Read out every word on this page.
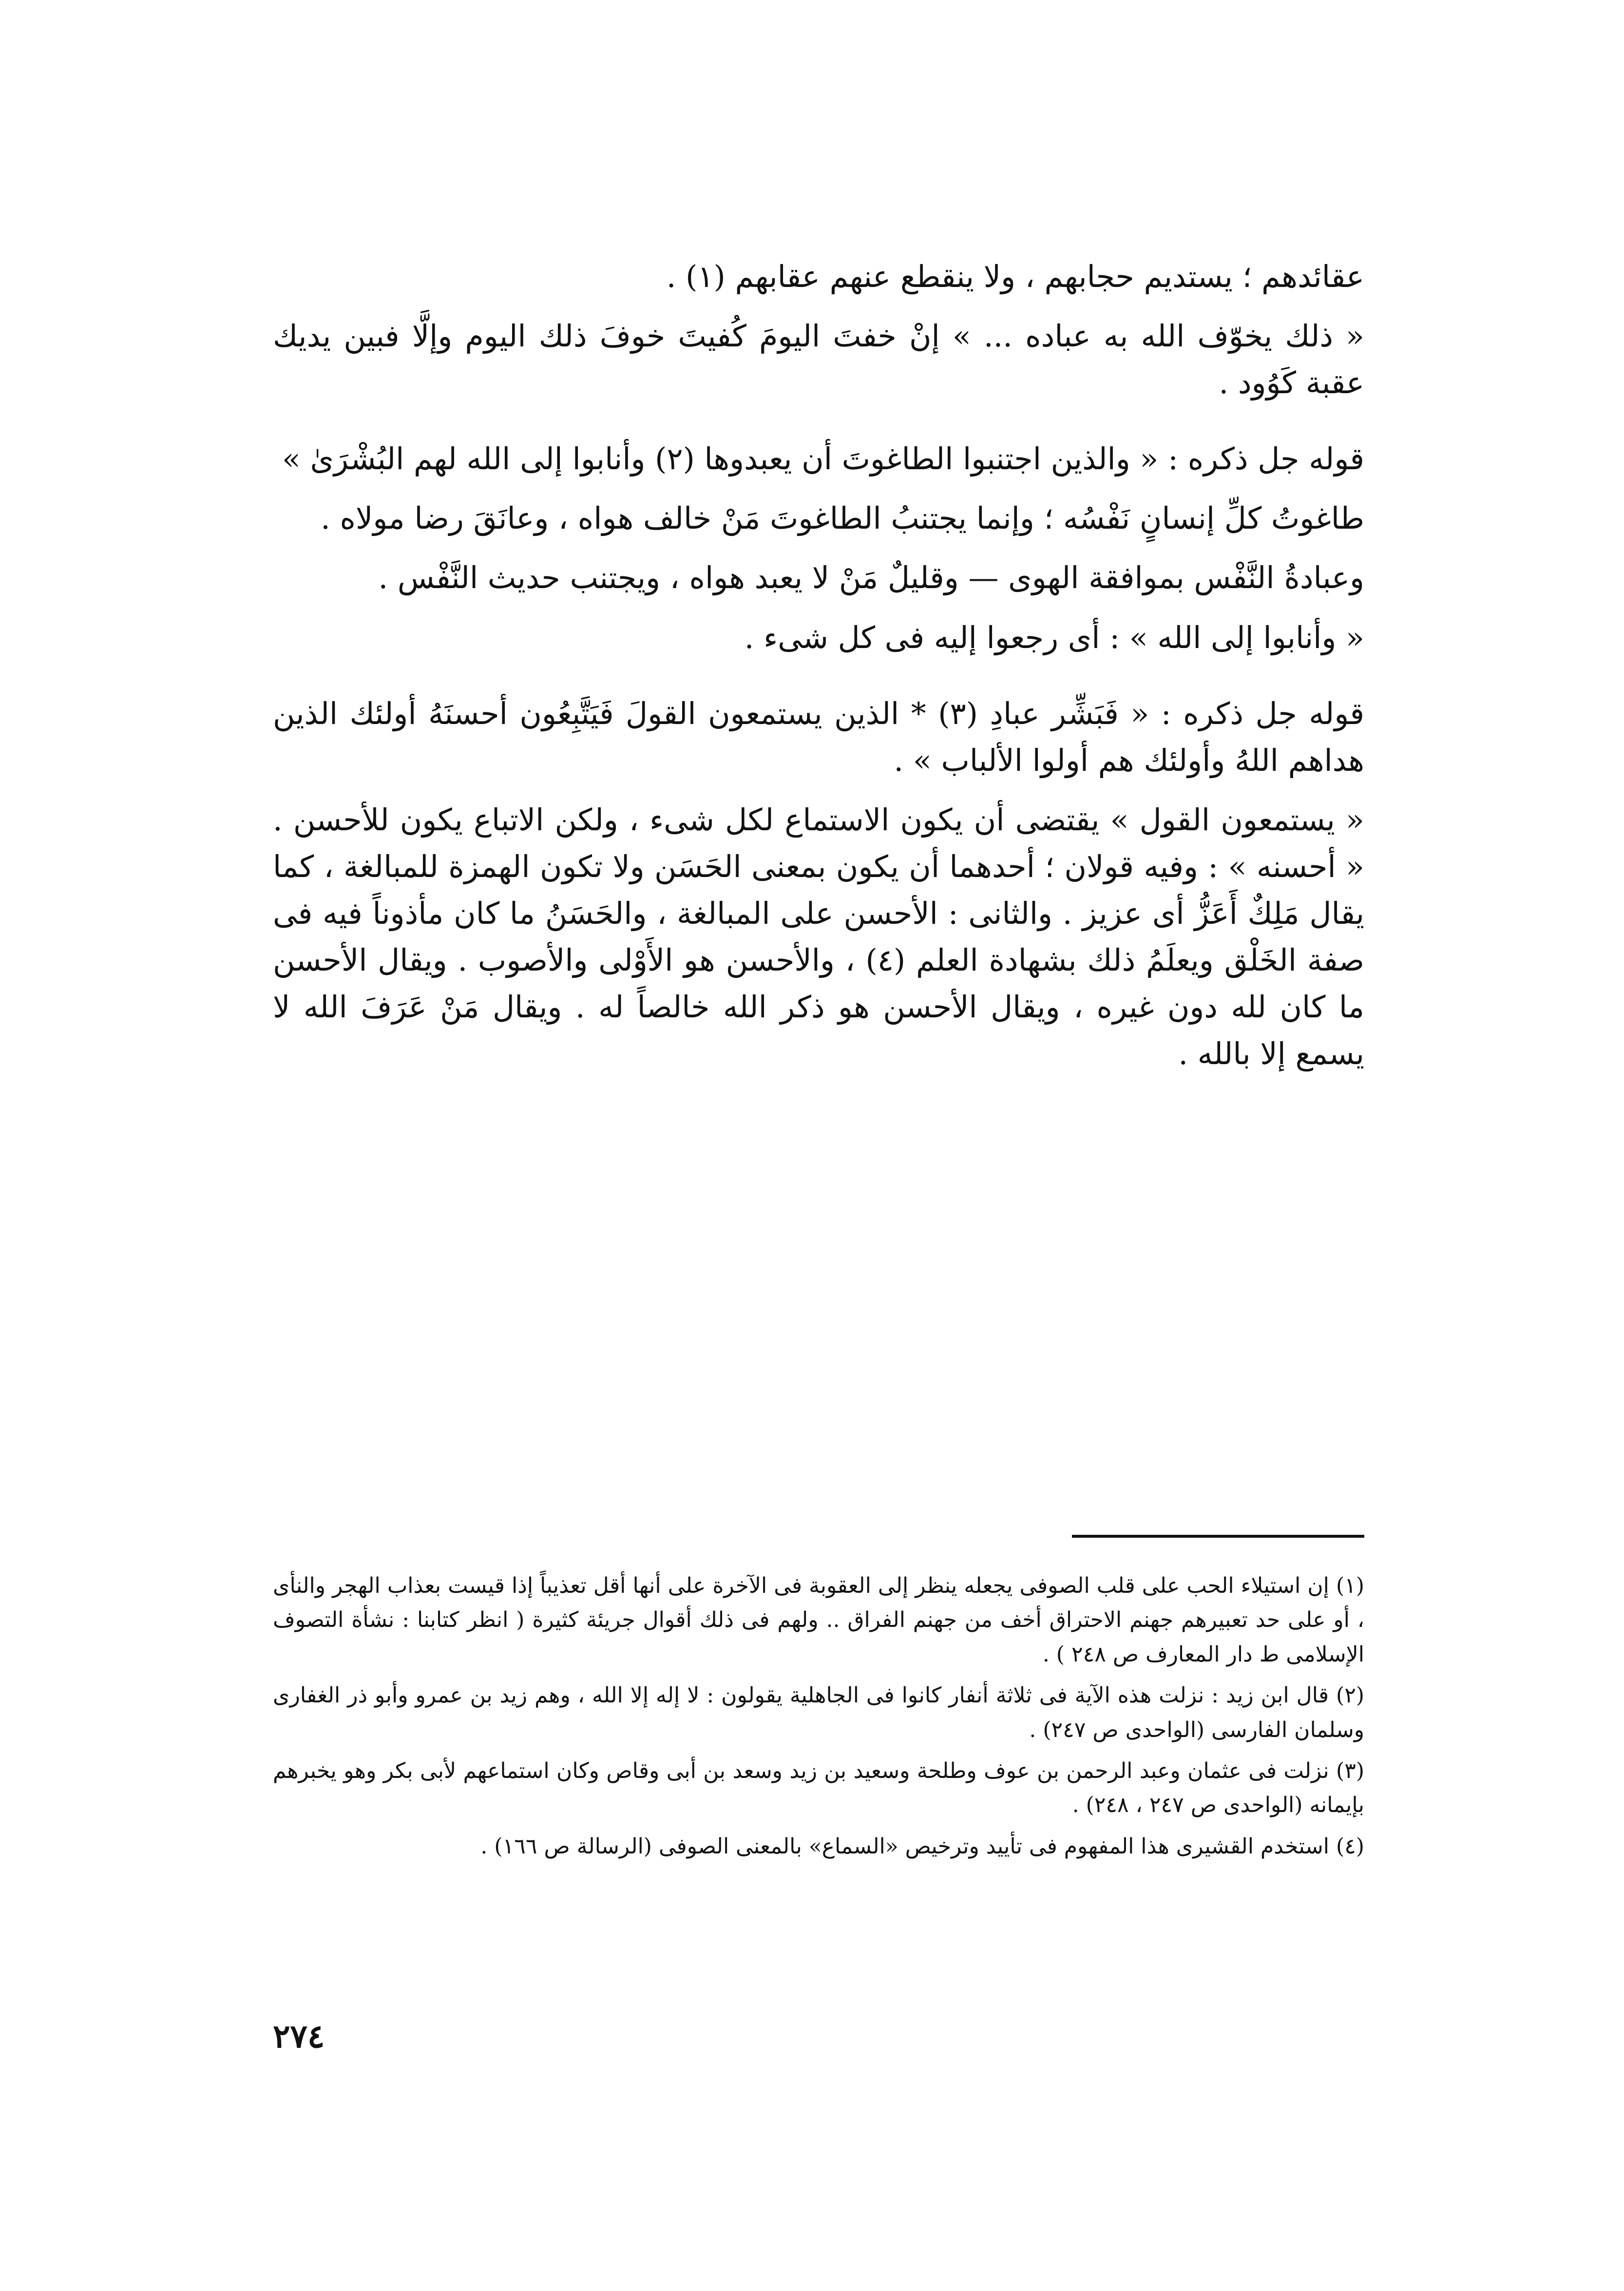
عقائدهم ؛ يستديم حجابهم ، ولا ينقطع عنهم عقابهم (١) .

« ذلك يخوّف الله به عباده ... » إنْ خفتَ اليومَ كُفيتَ خوفَ ذلك اليوم وإلَّا فبين يديك عقبة كَوُود .

قوله جل ذكره : « والذين اجتنبوا الطاغوتَ أن يعبدوها (٢) وأنابوا إلى الله لهم البُشْرَىٰ »

طاغوتُ كلِّ إنسانٍ نَفْسُه ؛ وإنما يجتنبُ الطاغوتَ مَنْ خالف هواه ، وعانَقَ رضا مولاه .

وعبادةُ النَّفْس بموافقة الهوى — وقليلٌ مَنْ لا يعبد هواه ، ويجتنب حديث النَّفْس .

« وأنابوا إلى الله » : أى رجعوا إليه فى كل شىء .

قوله جل ذكره : « فَبَشِّر عبادِ (٣) * الذين يستمعون القولَ فَيَتَّبِعُون أحسنَهُ أولئك الذين هداهم اللهُ وأولئك هم أولوا الألباب » .

« يستمعون القول » يقتضى أن يكون الاستماع لكل شىء ، ولكن الاتباع يكون للأحسن . « أحسنه » : وفيه قولان ؛ أحدهما أن يكون بمعنى الحَسَن ولا تكون الهمزة للمبالغة ، كما يقال مَلِكٌ أَعَزُّ أى عزيز . والثانى : الأحسن على المبالغة ، والحَسَنُ ما كان مأذوناً فيه فى صفة الخَلْق ويعلَمُ ذلك بشهادة العلم (٤) ، والأحسن هو الأَوْلى والأصوب . ويقال الأحسن ما كان لله دون غيره ، ويقال الأحسن هو ذكر الله خالصاً له . ويقال مَنْ عَرَفَ الله لا يسمع إلا بالله .

(١) إن استيلاء الحب على قلب الصوفى يجعله ينظر إلى العقوبة فى الآخرة على أنها أقل تعذيباً إذا قيست بعذاب الهجر والنأى ، أو على حد تعبيرهم جهنم الاحتراق أخف من جهنم الفراق .. ولهم فى ذلك أقوال جريئة كثيرة ( انظر كتابنا : نشأة التصوف الإسلامى ط دار المعارف ص ٢٤٨ ) .

(٢) قال ابن زيد : نزلت هذه الآية فى ثلاثة أنفار كانوا فى الجاهلية يقولون : لا إله إلا الله ، وهم زيد بن عمرو وأبو ذر الغفارى وسلمان الفارسى (الواحدى ص ٢٤٧) .

(٣) نزلت فى عثمان وعبد الرحمن بن عوف وطلحة وسعيد بن زيد وسعد بن أبى وقاص وكان استماعهم لأبى بكر وهو يخبرهم بإيمانه (الواحدى ص ٢٤٧ ، ٢٤٨) .

(٤) استخدم القشيرى هذا المفهوم فى تأييد وترخيص «السماع» بالمعنى الصوفى (الرسالة ص ١٦٦) .

٢٧٤
